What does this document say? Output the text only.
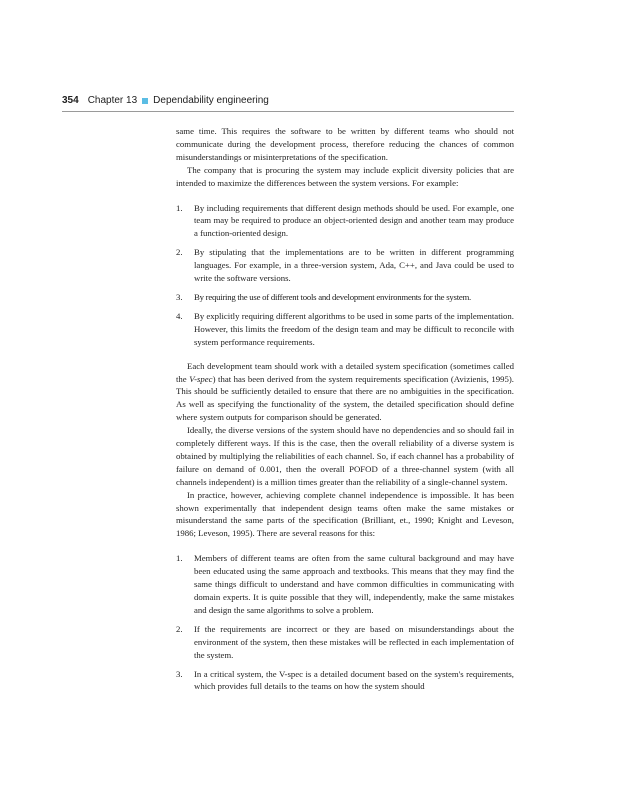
354 Chapter 13 Dependability engineering

same time. This requires the software to be written by different teams who should not communicate during the development process, therefore reducing the chances of common misunderstandings or misinterpretations of the specification.

The company that is procuring the system may include explicit diversity policies that are intended to maximize the differences between the system versions. For example:

1. By including requirements that different design methods should be used. For example, one team may be required to produce an object-oriented design and another team may produce a function-oriented design.
2. By stipulating that the implementations are to be written in different programming languages. For example, in a three-version system, Ada, C++, and Java could be used to write the software versions.
3. By requiring the use of different tools and development environments for the system.
4. By explicitly requiring different algorithms to be used in some parts of the implementation. However, this limits the freedom of the design team and may be difficult to reconcile with system performance requirements.

Each development team should work with a detailed system specification (sometimes called the V-spec) that has been derived from the system requirements specification (Avizienis, 1995). This should be sufficiently detailed to ensure that there are no ambiguities in the specification. As well as specifying the functionality of the system, the detailed specification should define where system outputs for comparison should be generated.

Ideally, the diverse versions of the system should have no dependencies and so should fail in completely different ways. If this is the case, then the overall reliability of a diverse system is obtained by multiplying the reliabilities of each channel. So, if each channel has a probability of failure on demand of 0.001, then the overall POFOD of a three-channel system (with all channels independent) is a million times greater than the reliability of a single-channel system.

In practice, however, achieving complete channel independence is impossible. It has been shown experimentally that independent design teams often make the same mistakes or misunderstand the same parts of the specification (Brilliant, et., 1990; Knight and Leveson, 1986; Leveson, 1995). There are several reasons for this:

1. Members of different teams are often from the same cultural background and may have been educated using the same approach and textbooks. This means that they may find the same things difficult to understand and have common difficulties in communicating with domain experts. It is quite possible that they will, independently, make the same mistakes and design the same algorithms to solve a problem.
2. If the requirements are incorrect or they are based on misunderstandings about the environment of the system, then these mistakes will be reflected in each implementation of the system.
3. In a critical system, the V-spec is a detailed document based on the system's requirements, which provides full details to the teams on how the system should
